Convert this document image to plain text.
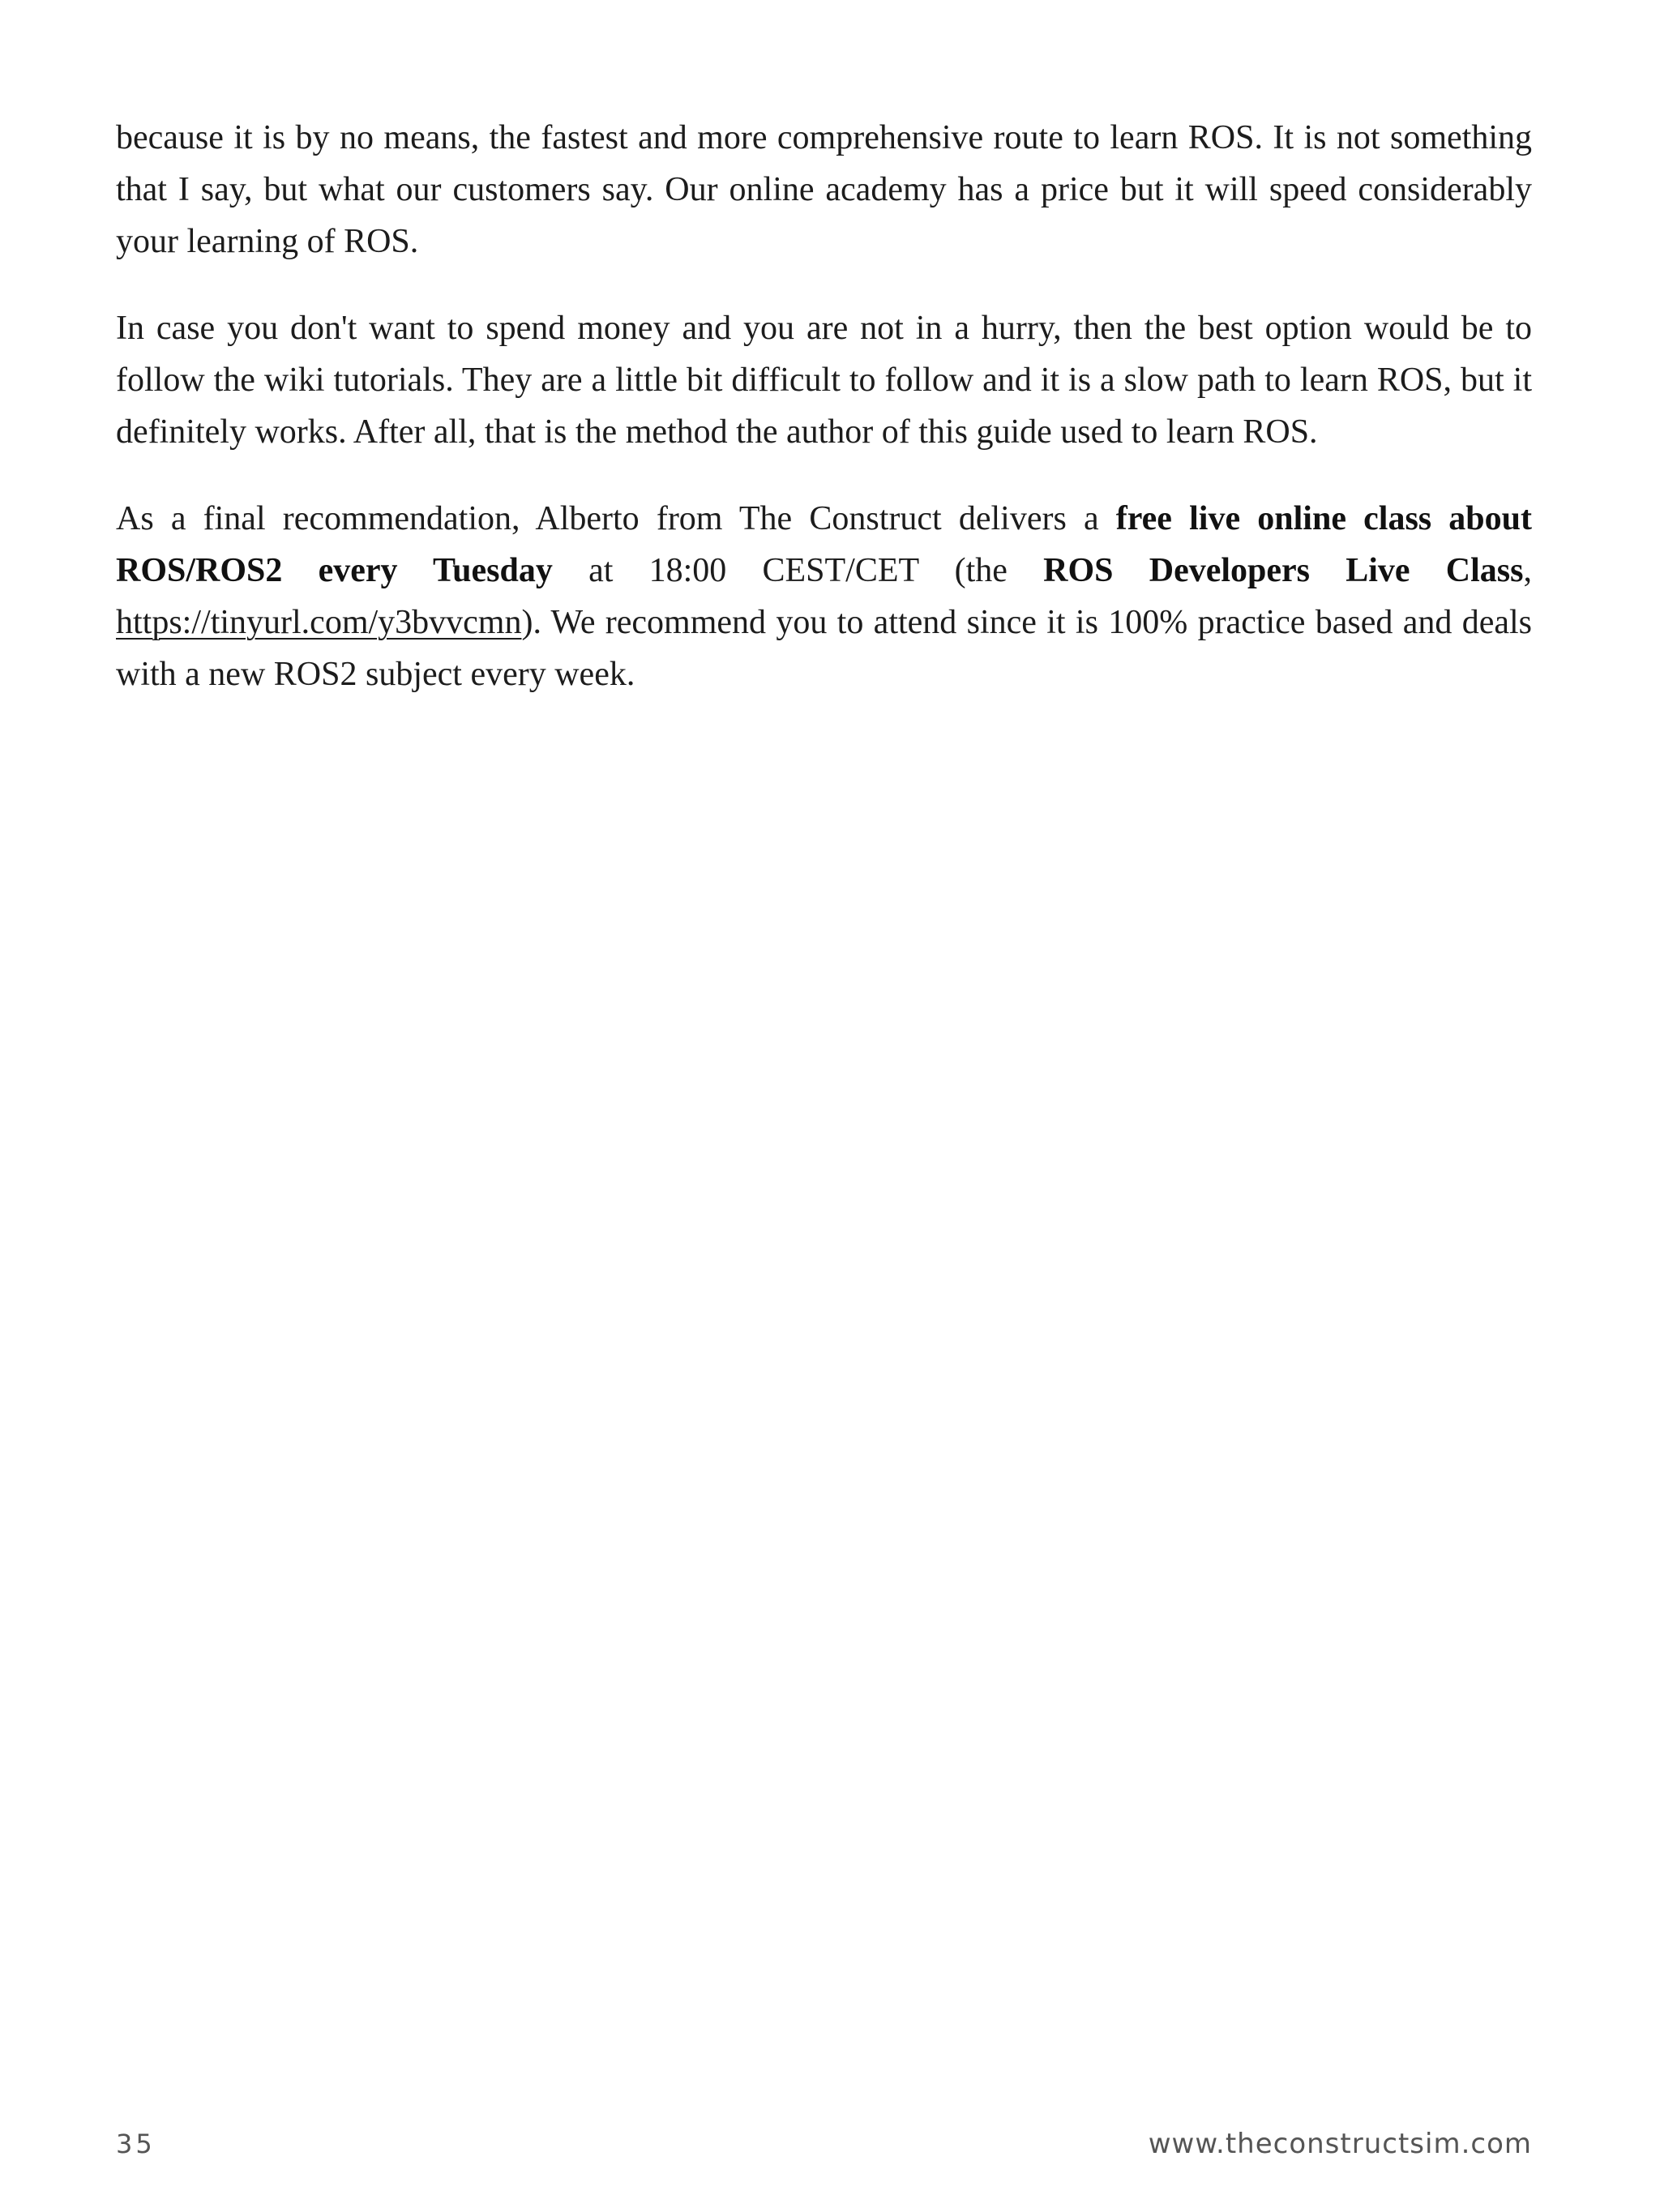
because it is by no means, the fastest and more comprehensive route to learn ROS. It is not something that I say, but what our customers say. Our online academy has a price but it will speed considerably your learning of ROS.

In case you don't want to spend money and you are not in a hurry, then the best option would be to follow the wiki tutorials. They are a little bit difficult to follow and it is a slow path to learn ROS, but it definitely works. After all, that is the method the author of this guide used to learn ROS.

As a final recommendation, Alberto from The Construct delivers a free live online class about ROS/ROS2 every Tuesday at 18:00 CEST/CET (the ROS Developers Live Class, https://tinyurl.com/y3bvvcmn). We recommend you to attend since it is 100% practice based and deals with a new ROS2 subject every week.

35	www.theconstructsim.com
